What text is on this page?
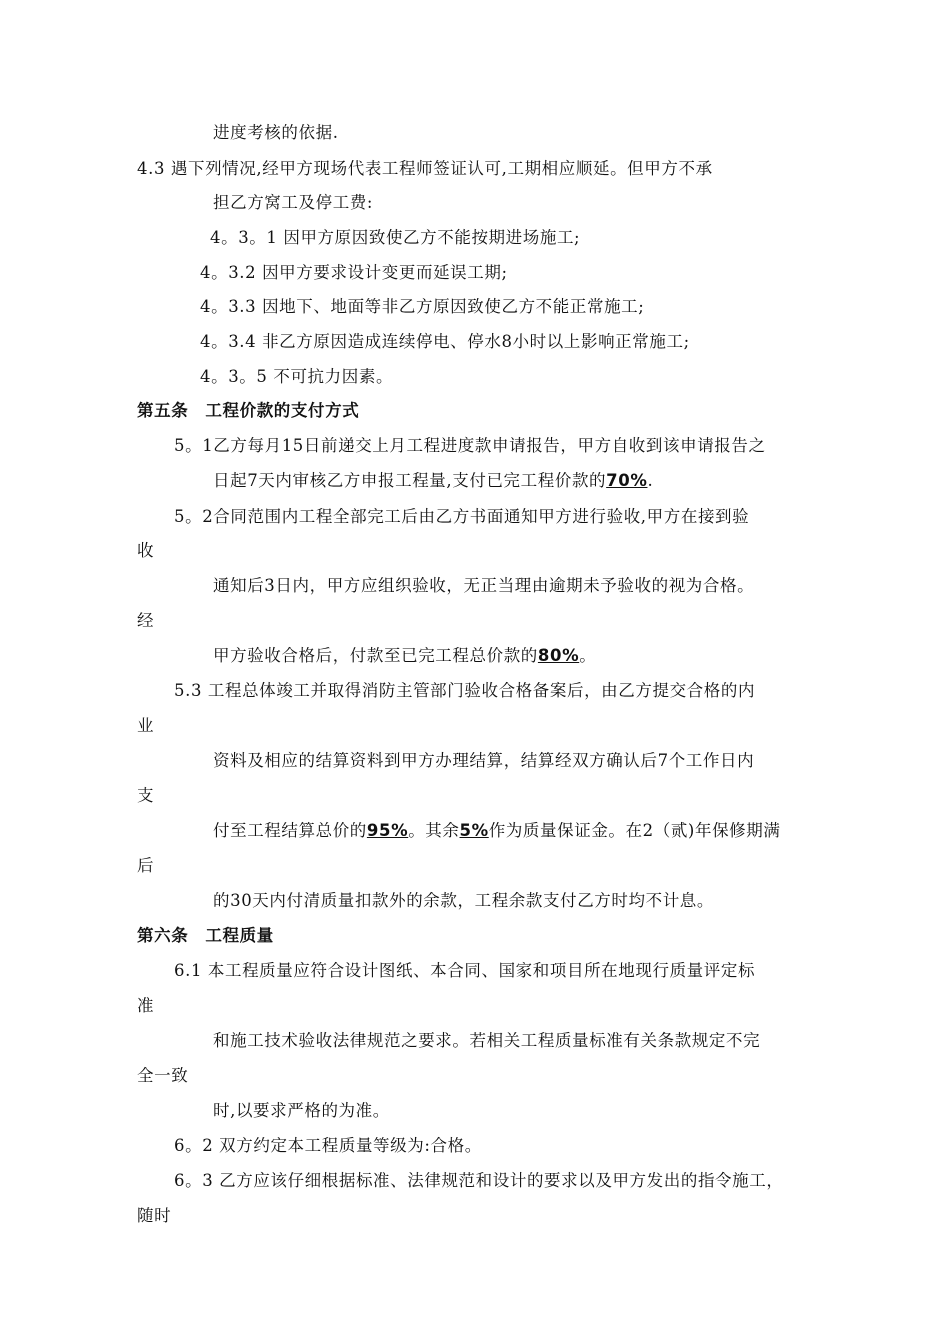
进度考核的依据.
4.3 遇下列情况,经甲方现场代表工程师签证认可,工期相应顺延。但甲方不承
担乙方窝工及停工费:
4。3。1 因甲方原因致使乙方不能按期进场施工;
4。3.2 因甲方要求设计变更而延误工期;
4。3.3 因地下、地面等非乙方原因致使乙方不能正常施工;
4。3.4 非乙方原因造成连续停电、停水8小时以上影响正常施工;
4。3。5 不可抗力因素。
第五条　工程价款的支付方式
5。1乙方每月15日前递交上月工程进度款申请报告，甲方自收到该申请报告之
日起7天内审核乙方申报工程量,支付已完工程价款的70%.
5。2合同范围内工程全部完工后由乙方书面通知甲方进行验收,甲方在接到验
收
通知后3日内，甲方应组织验收，无正当理由逾期未予验收的视为合格。
经
甲方验收合格后，付款至已完工程总价款的80%。
5.3 工程总体竣工并取得消防主管部门验收合格备案后，由乙方提交合格的内
业
资料及相应的结算资料到甲方办理结算，结算经双方确认后7个工作日内
支
付至工程结算总价的95%。其余5%作为质量保证金。在2（贰)年保修期满
后
的30天内付清质量扣款外的余款，工程余款支付乙方时均不计息。
第六条　工程质量
6.1 本工程质量应符合设计图纸、本合同、国家和项目所在地现行质量评定标
准
和施工技术验收法律规范之要求。若相关工程质量标准有关条款规定不完
全一致
时,以要求严格的为准。
6。2 双方约定本工程质量等级为:合格。
6。3 乙方应该仔细根据标准、法律规范和设计的要求以及甲方发出的指令施工，
随时
